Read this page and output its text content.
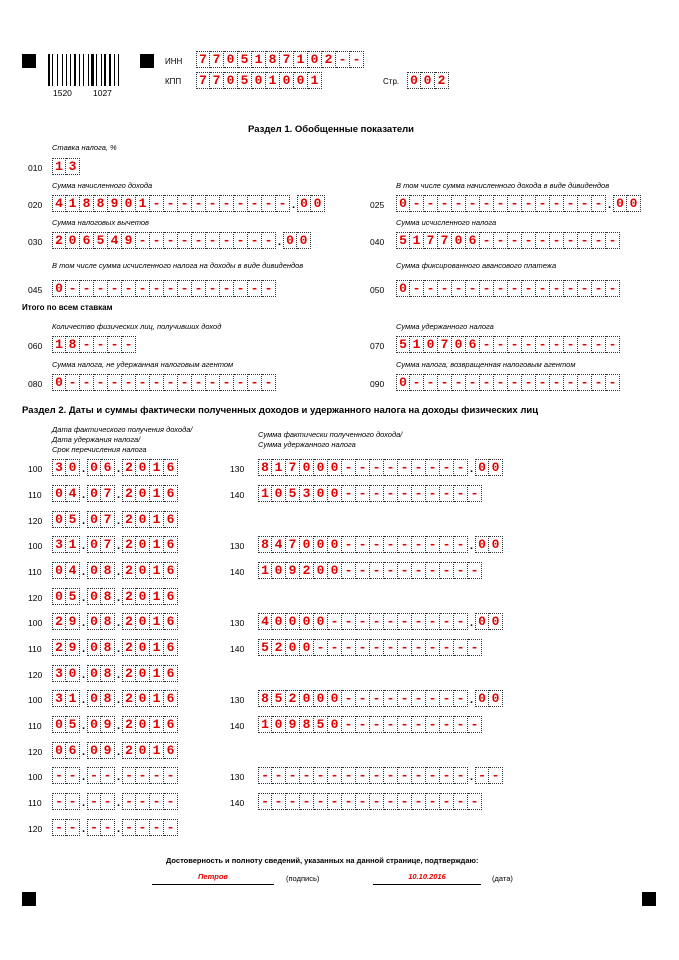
1520 1027
ИНН 7 7 0 5 1 8 7 1 0 2 - -
КПП 7 7 0 5 0 1 0 0 1	Стр. 0 0 2
Раздел 1. Обобщенные показатели
Ставка налога, %
010 1 3
Сумма начисленного дохода
020 4 1 8 8 9 0 1 - - - - - - - - - - . 0 0
В том числе сумма начисленного дохода в виде дивидендов
025 0 - - - - - - - - - - - - - - . 0 0
Сумма налоговых вычетов
030 2 0 6 5 4 9 - - - - - - - - - - . 0 0
Сумма исчисленного налога
040 5 1 7 7 0 6 - - - - - - - - - -
В том числе сумма исчисленного налога на доходы в виде дивидендов
045 0 - - - - - - - - - - - - - - -
Сумма фиксированного авансового платежа
050 0 - - - - - - - - - - - - - - -
Итого по всем ставкам
Количество физических лиц, получивших доход
060 1 8 - - - -
Сумма удержанного налога
070 5 1 0 7 0 6 - - - - - - - - - -
Сумма налога, не удержанная налоговым агентом
080 0 - - - - - - - - - - - - - - -
Сумма налога, возвращенная налоговым агентом
090 0 - - - - - - - - - - - - - - -
Раздел 2. Даты и суммы фактически полученных доходов и удержанного налога на доходы физических лиц
Дата фактического получения дохода/
Дата удержания налога/
Срок перечисления налога
Сумма фактически полученного дохода/
Сумма удержанного налога
100 3 0 . 0 6 . 2 0 1 6	130 8 1 7 0 0 0 - - - - - - - - - . 0 0
110 0 4 . 0 7 . 2 0 1 6	140 1 0 5 3 0 0 - - - - - - - - - -
120 0 5 . 0 7 . 2 0 1 6
100 3 1 . 0 7 . 2 0 1 6	130 8 4 7 0 0 0 - - - - - - - - - . 0 0
110 0 4 . 0 8 . 2 0 1 6	140 1 0 9 2 0 0 - - - - - - - - - -
120 0 5 . 0 8 . 2 0 1 6
100 2 9 . 0 8 . 2 0 1 6	130 4 0 0 0 0 - - - - - - - - - - . 0 0
110 2 9 . 0 8 . 2 0 1 6	140 5 2 0 0 - - - - - - - - - - - -
120 3 0 . 0 8 . 2 0 1 6
100 3 1 . 0 8 . 2 0 1 6	130 8 5 2 0 0 0 - - - - - - - - - . 0 0
110 0 5 . 0 9 . 2 0 1 6	140 1 0 9 8 5 0 - - - - - - - - - -
120 0 6 . 0 9 . 2 0 1 6
100 - - . - - . - - - -	130 - - - - - - - - - - - - - - - . - -
110 - - . - - . - - - -	140 - - - - - - - - - - - - - - - -
120 - - . - - . - - - -
Достоверность и полноту сведений, указанных на данной странице, подтверждаю:
Петров	(подпись)	10.10.2016	(дата)
